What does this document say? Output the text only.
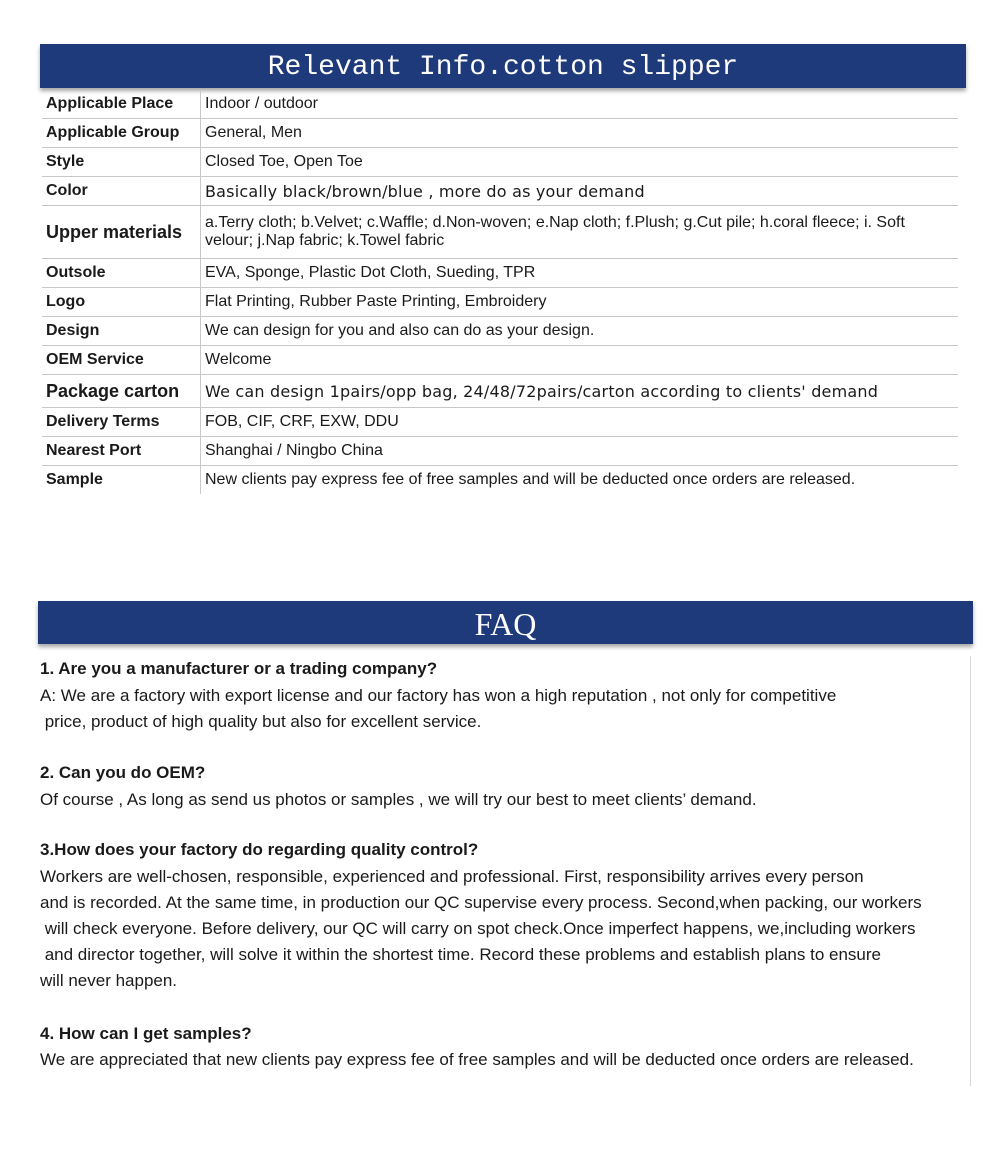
Relevant Info.cotton slipper
Applicable Place	Indoor / outdoor
Applicable Group	General, Men
Style	Closed Toe, Open Toe
Color	Basically black/brown/blue , more do as your demand
Upper materials	a.Terry cloth; b.Velvet; c.Waffle; d.Non-woven; e.Nap cloth; f.Plush; g.Cut pile; h.coral fleece; i. Soft velour; j.Nap fabric; k.Towel fabric
Outsole	EVA, Sponge, Plastic Dot Cloth, Sueding, TPR
Logo	Flat Printing, Rubber Paste Printing, Embroidery
Design	We can design for you and also can do as your design.
OEM Service	Welcome
Package carton	We can design 1pairs/opp bag, 24/48/72pairs/carton according to clients' demand
Delivery Terms	FOB, CIF, CRF, EXW, DDU
Nearest Port	Shanghai / Ningbo China
Sample	New clients pay express fee of free samples and will be deducted once orders are released.
FAQ
1. Are you a manufacturer or a trading company?
A: We are a factory with export license and our factory has won a high reputation , not only for competitive
price, product of high quality but also for excellent service.
2. Can you do OEM?
Of course , As long as send us photos or samples , we will try our best to meet clients’ demand.
3.How does your factory do regarding quality control?
Workers are well-chosen, responsible, experienced and professional. First, responsibility arrives every person
and is recorded. At the same time, in production our QC supervise every process. Second,when packing, our workers
will check everyone. Before delivery, our QC will carry on spot check.Once imperfect happens, we,including workers
and director together, will solve it within the shortest time. Record these problems and establish plans to ensure
will never happen.
4. How can I get samples?
We are appreciated that new clients pay express fee of free samples and will be deducted once orders are released.
